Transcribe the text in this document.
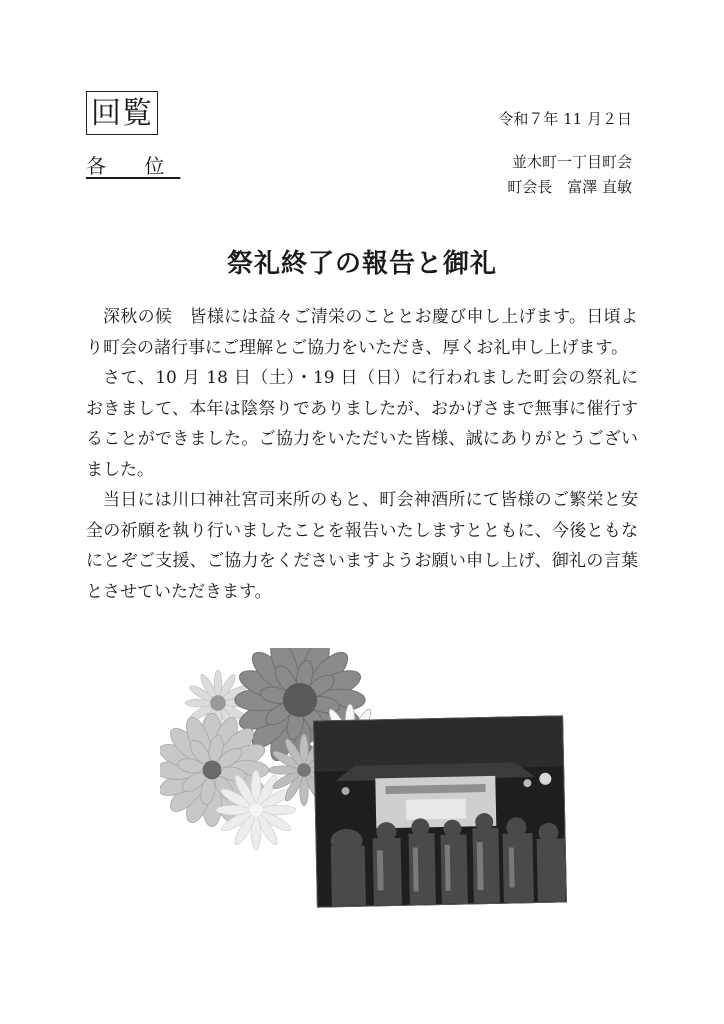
回覧
各 位
令和７年 11 月２日
並木町一丁目町会
町会長　富澤 直敏
祭礼終了の報告と御礼

深秋の候　皆様には益々ご清栄のこととお慶び申し上げます。日頃より町会の諸行事にご理解とご協力をいただき、厚くお礼申し上げます。

さて、10 月 18 日（土）・19 日（日）に行われました町会の祭礼におきまして、本年は陰祭りでありましたが、おかげさまで無事に催行することができました。ご協力をいただいた皆様、誠にありがとうございました。

当日には川口神社宮司来所のもと、町会神酒所にて皆様のご繁栄と安全の祈願を執り行いましたことを報告いたしますとともに、今後ともなにとぞご支援、ご協力をくださいますようお願い申し上げ、御礼の言葉とさせていただきます。
